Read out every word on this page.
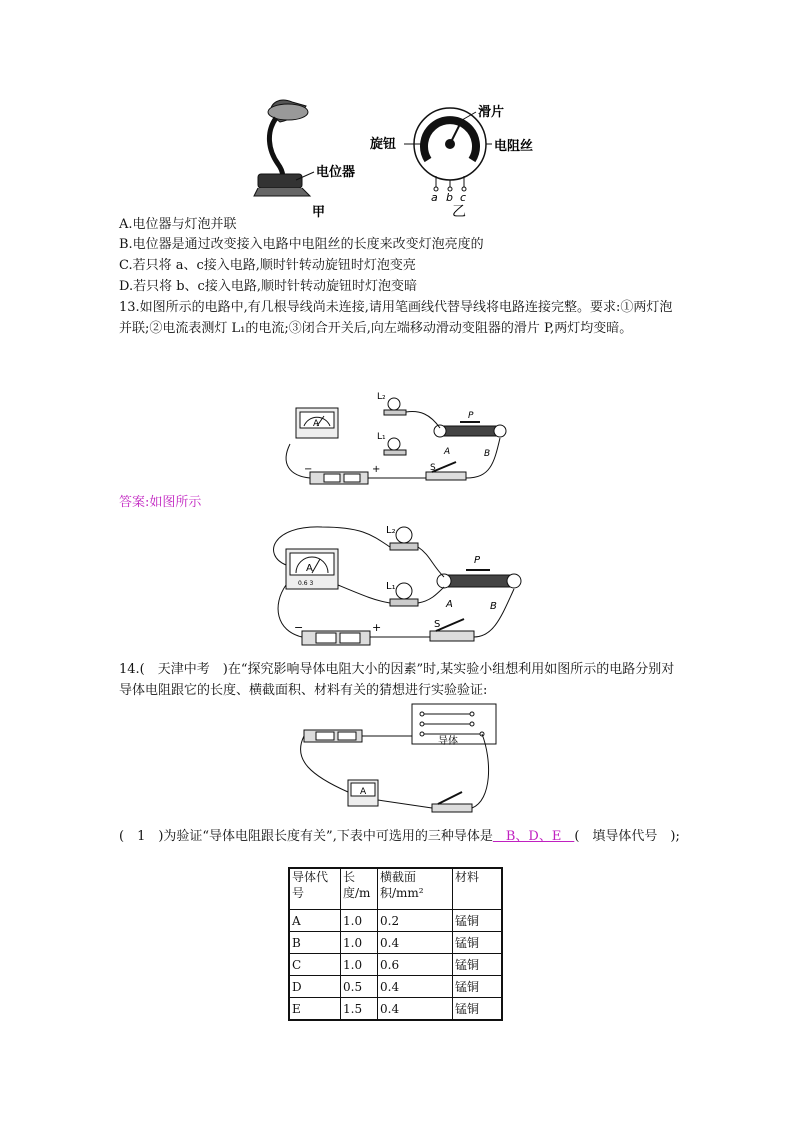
电位器
甲
滑片
旋钮	电阻丝
a b c
乙
A.电位器与灯泡并联
B.电位器是通过改变接入电路中电阻丝的长度来改变灯泡亮度的
C.若只将 a、c接入电路,顺时针转动旋钮时灯泡变亮
D.若只将 b、c接入电路,顺时针转动旋钮时灯泡变暗
13.如图所示的电路中,有几根导线尚未连接,请用笔画线代替导线将电路连接完整。要求:①两灯泡并联;②电流表测灯 L₁的电流;③闭合开关后,向左端移动滑动变阻器的滑片 P,两灯均变暗。
L₂
L₁
P
A	B
S
A
−	+
答案:如图所示
L₂
L₁
P
A	B
S
A
0.6 3
−	+
14.(　天津中考　)在“探究影响导体电阻大小的因素”时,某实验小组想利用如图所示的电路分别对导体电阻跟它的长度、横截面积、材料有关的猜想进行实验验证:
导体
A
(　1　)为验证“导体电阻跟长度有关”,下表中可选用的三种导体是　B、D、E　(　填导体代号　);
导体代号	长度/m	横截面积/mm²	材料
A	1.0	0.2	锰铜
B	1.0	0.4	锰铜
C	1.0	0.6	锰铜
D	0.5	0.4	锰铜
E	1.5	0.4	锰铜
